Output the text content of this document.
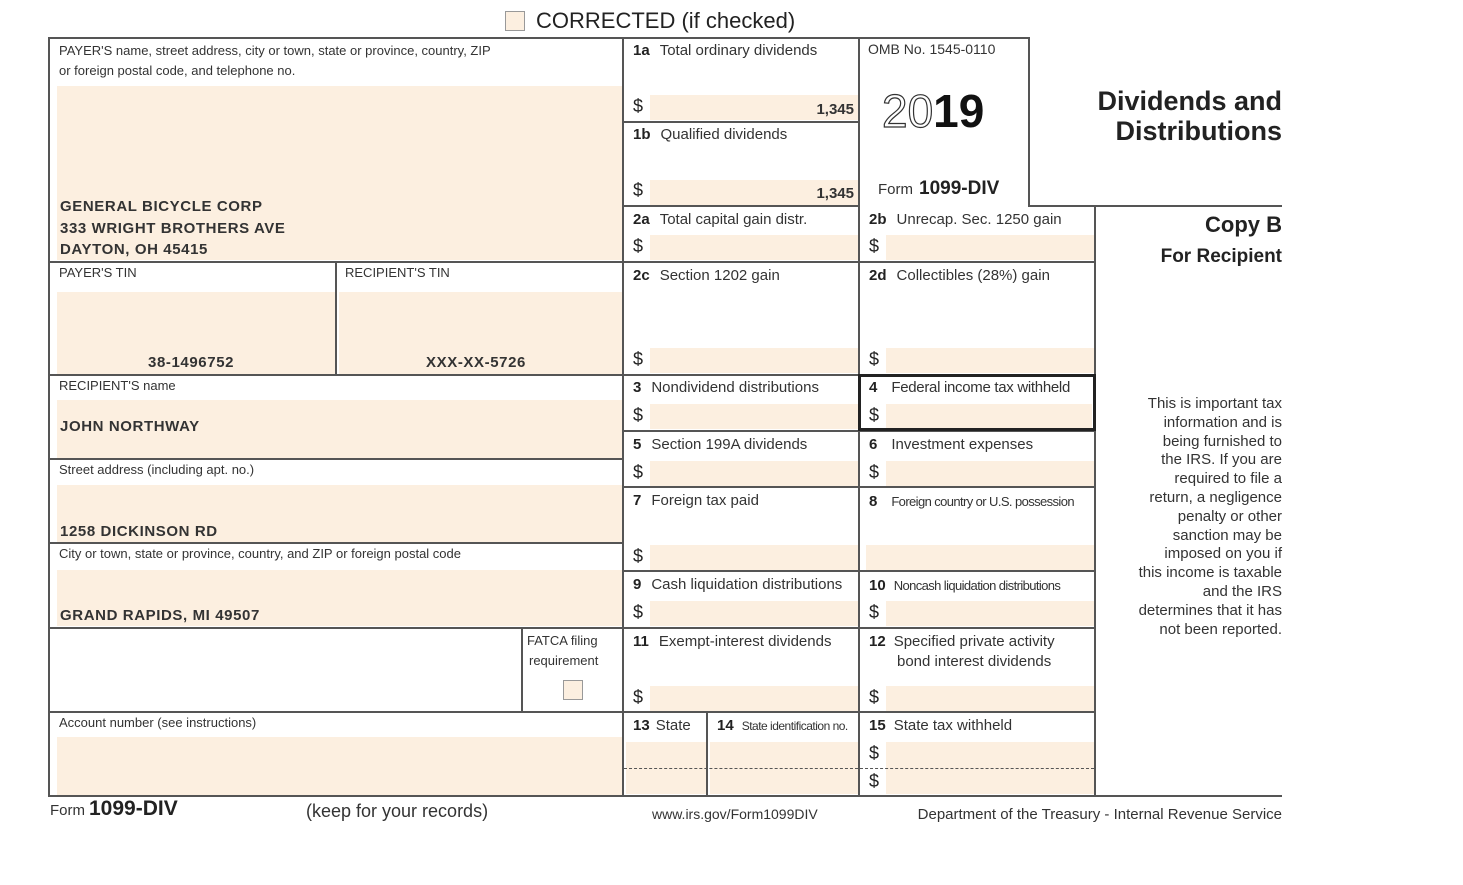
CORRECTED (if checked)
PAYER'S name, street address, city or town, state or province, country, ZIP
or foreign postal code, and telephone no.
GENERAL BICYCLE CORP
333 WRIGHT BROTHERS AVE
DAYTON, OH 45415
PAYER'S TIN
38-1496752
RECIPIENT'S TIN
XXX-XX-5726
RECIPIENT'S name
JOHN NORTHWAY
Street address (including apt. no.)
1258 DICKINSON RD
City or town, state or province, country, and ZIP or foreign postal code
GRAND RAPIDS, MI 49507
FATCA filing
requirement
Account number (see instructions)
1a Total ordinary dividends
$	1,345
1b Qualified dividends
$	1,345
2a Total capital gain distr.
$
2c Section 1202 gain
$
3 Nondividend distributions
$
5 Section 199A dividends
$
7 Foreign tax paid
$
9 Cash liquidation distributions
$
11 Exempt-interest dividends
$
13 State 14 State identification no.
OMB No. 1545-0110
2019
Form 1099-DIV
2b Unrecap. Sec. 1250 gain
$
2d Collectibles (28%) gain
$
4 Federal income tax withheld
$
6 Investment expenses
$
8 Foreign country or U.S. possession
10 Noncash liquidation distributions
$
12 Specified private activity
bond interest dividends
$
15 State tax withheld
$
$
Dividends and
Distributions
Copy B
For Recipient
This is important tax
information and is
being furnished to
the IRS. If you are
required to file a
return, a negligence
penalty or other
sanction may be
imposed on you if
this income is taxable
and the IRS
determines that it has
not been reported.
Form 1099-DIV	(keep for your records)	www.irs.gov/Form1099DIV	Department of the Treasury - Internal Revenue Service
